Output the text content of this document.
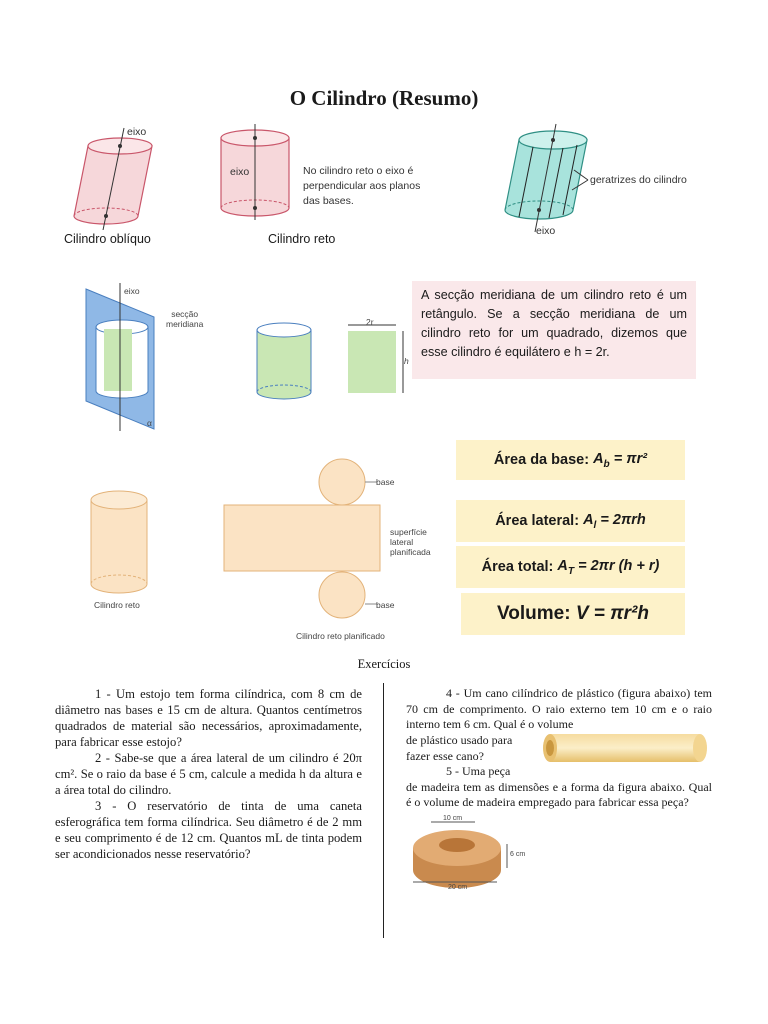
O Cilindro (Resumo)
eixo
Cilindro oblíquo
eixo
Cilindro reto
No cilindro reto o eixo é
perpendicular aos planos
das bases.
geratrizes do cilindro
eixo
eixo
secção
meridiana
α
2r
h
A secção meridiana de um cilindro reto é um retângulo. Se a secção meridiana de um cilindro reto for um quadrado, dizemos que esse cilindro é equilátero e h = 2r.
Área da base:
$A_b = \pi r^2$
Área lateral:
$A_l = 2\pi rh$
Área total:
$A_T = 2\pi r$ (h + r)
Volume:
V = πr²h
Cilindro reto
base
superfície
lateral
planificada
base
Cilindro reto planificado
Exercícios

1 - Um estojo tem forma cilíndrica, com 8 cm de diâmetro nas bases e 15 cm de altura. Quantos centímetros quadrados de material são necessários, aproximadamente, para fabricar esse estojo?

2 - Sabe-se que a área lateral de um cilindro é 20π cm². Se o raio da base é 5 cm, calcule a medida h da altura e a área total do cilindro.

3 - O reservatório de tinta de uma caneta esferográfica tem forma cilíndrica. Seu diâmetro é de 2 mm e seu comprimento é de 12 cm. Quantos mL de tinta podem ser acondicionados nesse reservatório?

4 - Um cano cilíndrico de plástico (figura abaixo) tem 70 cm de comprimento. O raio externo tem 10 cm e o raio interno tem 6 cm. Qual é o volume

de plástico usado para
fazer esse cano?

5 - Uma peça

de madeira tem as dimensões e a forma da figura abaixo. Qual é o volume de madeira empregado para fabricar essa peça?
10 cm
6 cm
20 cm
